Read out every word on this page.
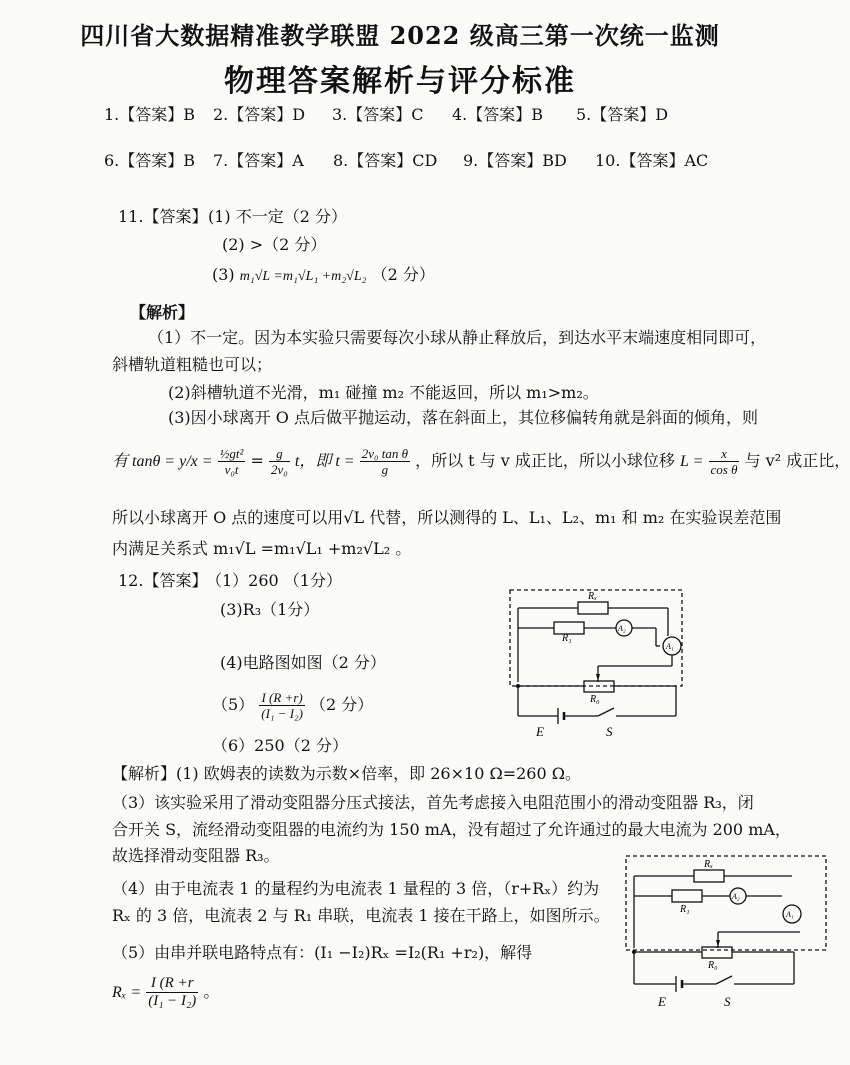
四川省大数据精准教学联盟 2022 级高三第一次统一监测
物理答案解析与评分标准
1.【答案】B 2.【答案】D 3.【答案】C 4.【答案】B 5.【答案】D
6.【答案】B 7.【答案】A 8.【答案】CD 9.【答案】BD 10.【答案】AC
11.【答案】 (1) 不一定（2 分）
(2) >（2 分）
(3) m₁√L =m₁√L₁ +m₂√L₂ （2 分）
【解析】
（1）不一定。因为本实验只需要每次小球从静止释放后，到达水平末端速度相同即可，
斜槽轨道粗糙也可以；
(2)斜槽轨道不光滑，m₁ 碰撞 m₂ 不能返回，所以 m₁>m₂。
(3)因小球离开 O 点后做平抛运动，落在斜面上，其位移偏转角就是斜面的倾角，则
有 $\tan\theta = y/x = \frac{\text{½gt²}}{\text{v₀t}} = \frac{g}{\text{2v₀}}$ t，即 $t = \frac{\text{2v₀ tan θ}}{g}$ ，所以 t 与 v 成正比，所以小球位移 $L = \frac{x}{\text{cos θ}}$ 与 v² 成正比，
所以小球离开 O 点的速度可以用√L 代替，所以测得的 L、L₁、L₂、m₁ 和 m₂ 在实验误差范围
内满足关系式 m₁√L =m₁√L₁ +m₂√L₂ 。
12.【答案】
（1）260 （1分）
(3)R₃（1分）
(4)电路图如图（2 分）
$(5) \frac{I (R +r)}{\text{(I₁ − I₂)}} (2$ 分）
（6）250（2 分）
【解析】(1) 欧姆表的读数为示数×倍率，即 26×10 Ω=260 Ω。
（3）该实验采用了滑动变阻器分压式接法，首先考虑接入电阻范围小的滑动变阻器 R₃，闭
合开关 S，流经滑动变阻器的电流约为 150 mA，没有超过了允许通过的最大电流为 200 mA，
故选择滑动变阻器 R₃。
（4）由于电流表 1 的量程约为电流表 1 量程的 3 倍，（r+Rₓ）约为
Rₓ 的 3 倍，电流表 2 与 R₁ 串联，电流表 1 接在干路上，如图所示。
（5）由串并联电路特点有：(I₁ −I₂)Rₓ =I₂(R₁ +r₂)，解得
$R_x = \frac{I (R +r}{\text{(I₁ − I₂)}}$ 。
Rₓ
R₁
A₂
A₁
R₀
E	S
Rₓ
R₁
A₂
A₁
R₀
E	S
